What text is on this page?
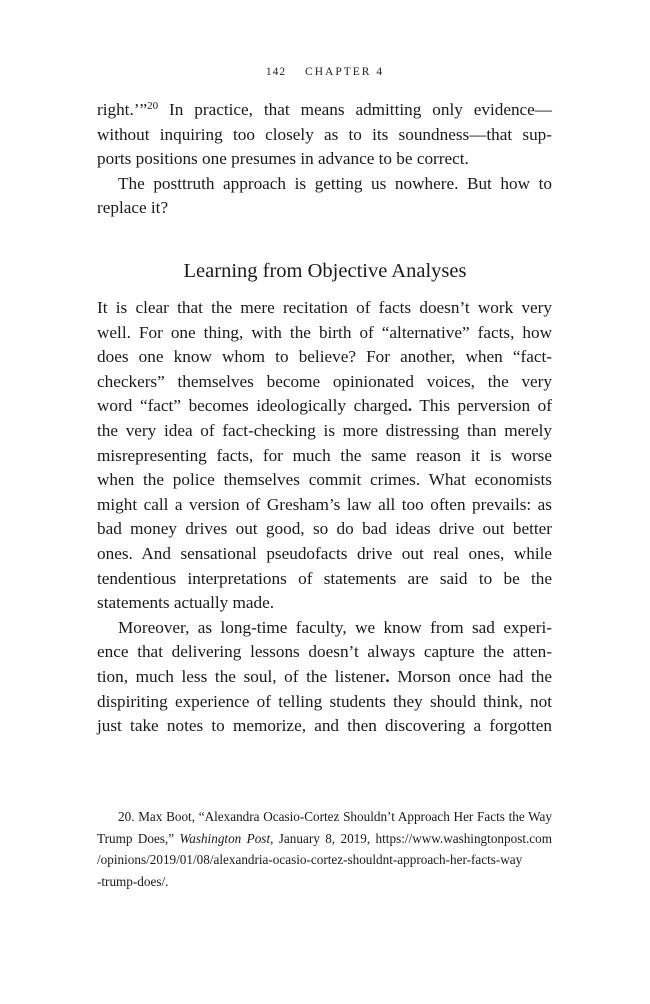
142 CHAPTER 4
right.’”$^{20}$ In practice, that means admitting only evidence—
without inquiring too closely as to its soundness—that sup-
ports positions one presumes in advance to be correct.
The posttruth approach is getting us nowhere. But how to
replace it?
Learning from Objective Analyses
It is clear that the mere recitation of facts doesn’t work very
well. For one thing, with the birth of “alternative” facts, how
does one know whom to believe? For another, when “fact-
checkers” themselves become opinionated voices, the very
word “fact” becomes ideologically charged. This perversion of
the very idea of fact-checking is more distressing than merely
misrepresenting facts, for much the same reason it is worse
when the police themselves commit crimes. What economists
might call a version of Gresham’s law all too often prevails: as
bad money drives out good, so do bad ideas drive out better
ones. And sensational pseudofacts drive out real ones, while
tendentious interpretations of statements are said to be the
statements actually made.
Moreover, as long-time faculty, we know from sad experi-
ence that delivering lessons doesn’t always capture the atten-
tion, much less the soul, of the listener. Morson once had the
dispiriting experience of telling students they should think, not
just take notes to memorize, and then discovering a forgotten
20. Max Boot, “Alexandra Ocasio-Cortez Shouldn’t Approach Her Facts the Way
Trump Does,” Washington Post, January 8, 2019, https://www.washingtonpost.com
/opinions/2019/01/08/alexandria-ocasio-cortez-shouldnt-approach-her-facts-way
-trump-does/.
